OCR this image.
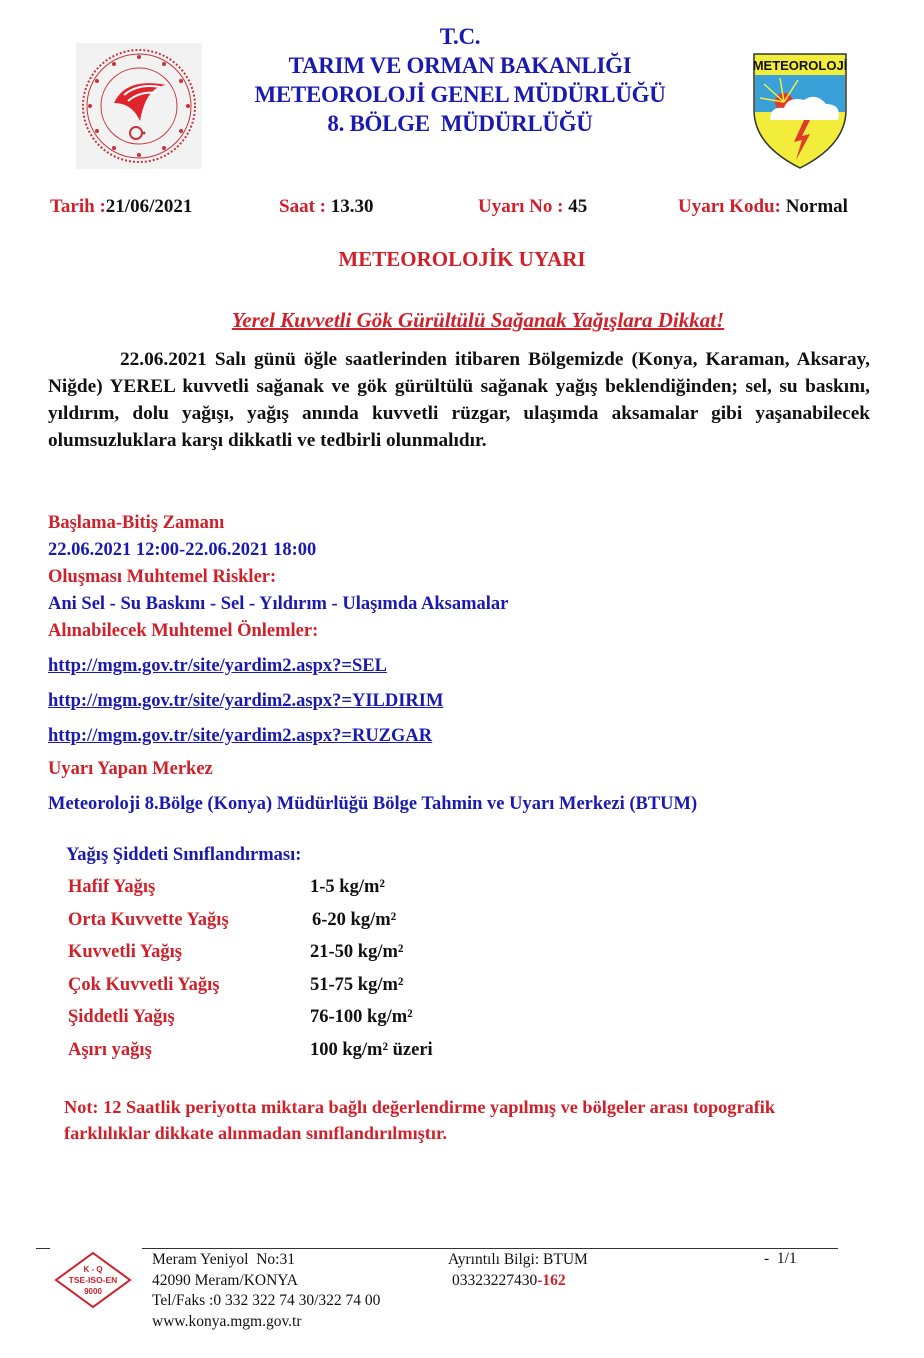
T.C.
TARIM VE ORMAN BAKANLIĞI
METEOROLOJİ GENEL MÜDÜRLÜĞÜ
8. BÖLGE  MÜDÜRLÜĞÜ
METEOROLOJİ
Tarih :21/06/2021	Saat : 13.30	Uyarı No : 45	Uyarı Kodu: Normal
METEOROLOJİK UYARI
Yerel Kuvvetli Gök Gürültülü Sağanak Yağışlara Dikkat!
22.06.2021 Salı günü öğle saatlerinden itibaren Bölgemizde (Konya, Karaman, Aksaray, Niğde) YEREL kuvvetli sağanak ve gök gürültülü sağanak yağış beklendiğinden; sel, su baskını, yıldırım, dolu yağışı, yağış anında kuvvetli rüzgar, ulaşımda aksamalar gibi yaşanabilecek olumsuzluklara karşı dikkatli ve tedbirli olunmalıdır.
Başlama-Bitiş Zamanı
22.06.2021 12:00-22.06.2021 18:00
Oluşması Muhtemel Riskler:
Ani Sel - Su Baskını - Sel - Yıldırım - Ulaşımda Aksamalar
Alınabilecek Muhtemel Önlemler:
http://mgm.gov.tr/site/yardim2.aspx?=SEL
http://mgm.gov.tr/site/yardim2.aspx?=YILDIRIM
http://mgm.gov.tr/site/yardim2.aspx?=RUZGAR
Uyarı Yapan Merkez
Meteoroloji 8.Bölge (Konya) Müdürlüğü Bölge Tahmin ve Uyarı Merkezi (BTUM)
Yağış Şiddeti Sınıflandırması:
Hafif Yağış	1-5 kg/m²
Orta Kuvvette Yağış	6-20 kg/m²
Kuvvetli Yağış	21-50 kg/m²
Çok Kuvvetli Yağış	51-75 kg/m²
Şiddetli Yağış	76-100 kg/m²
Aşırı yağış	100 kg/m² üzeri
Not: 12 Saatlik periyotta miktara bağlı değerlendirme yapılmış ve bölgeler arası topografik farklılıklar dikkate alınmadan sınıflandırılmıştır.
K - Q
TSE-ISO-EN
9000
Meram Yeniyol  No:31
42090 Meram/KONYA
Tel/Faks :0 332 322 74 30/322 74 00
www.konya.mgm.gov.tr
Ayrıntılı Bilgi: BTUM
03323227430-162
-  1/1
